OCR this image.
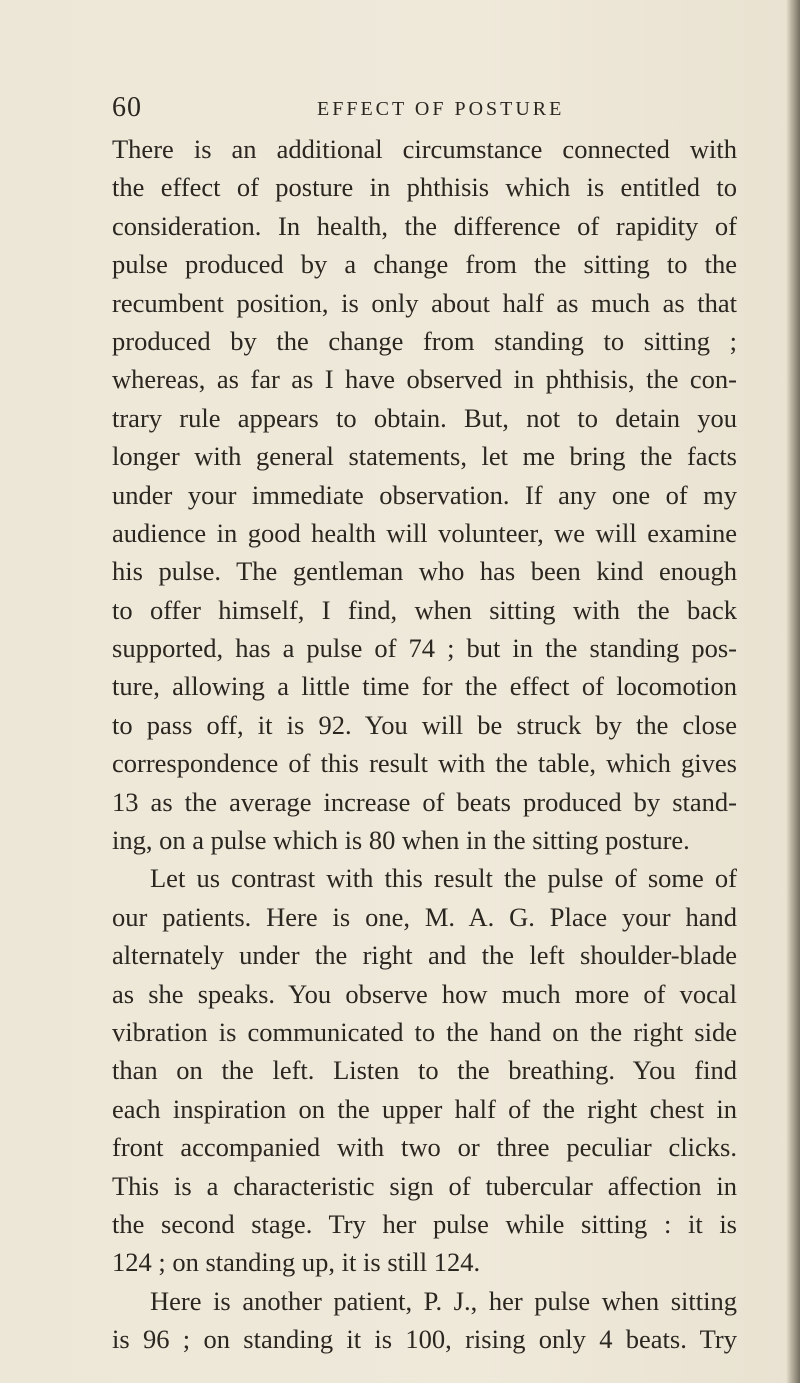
60	EFFECT OF POSTURE
There is an additional circumstance connected with
the effect of posture in phthisis which is entitled to
consideration. In health, the difference of rapidity of
pulse produced by a change from the sitting to the
recumbent position, is only about half as much as that
produced by the change from standing to sitting ;
whereas, as far as I have observed in phthisis, the con-
trary rule appears to obtain. But, not to detain you
longer with general statements, let me bring the facts
under your immediate observation. If any one of my
audience in good health will volunteer, we will examine
his pulse. The gentleman who has been kind enough
to offer himself, I find, when sitting with the back
supported, has a pulse of 74 ; but in the standing pos-
ture, allowing a little time for the effect of locomotion
to pass off, it is 92. You will be struck by the close
correspondence of this result with the table, which gives
13 as the average increase of beats produced by stand-
ing, on a pulse which is 80 when in the sitting posture.
Let us contrast with this result the pulse of some of
our patients. Here is one, M. A. G. Place your hand
alternately under the right and the left shoulder-blade
as she speaks. You observe how much more of vocal
vibration is communicated to the hand on the right side
than on the left. Listen to the breathing. You find
each inspiration on the upper half of the right chest in
front accompanied with two or three peculiar clicks.
This is a characteristic sign of tubercular affection in
the second stage. Try her pulse while sitting : it is
124 ; on standing up, it is still 124.
Here is another patient, P. J., her pulse when sitting
is 96 ; on standing it is 100, rising only 4 beats. Try
